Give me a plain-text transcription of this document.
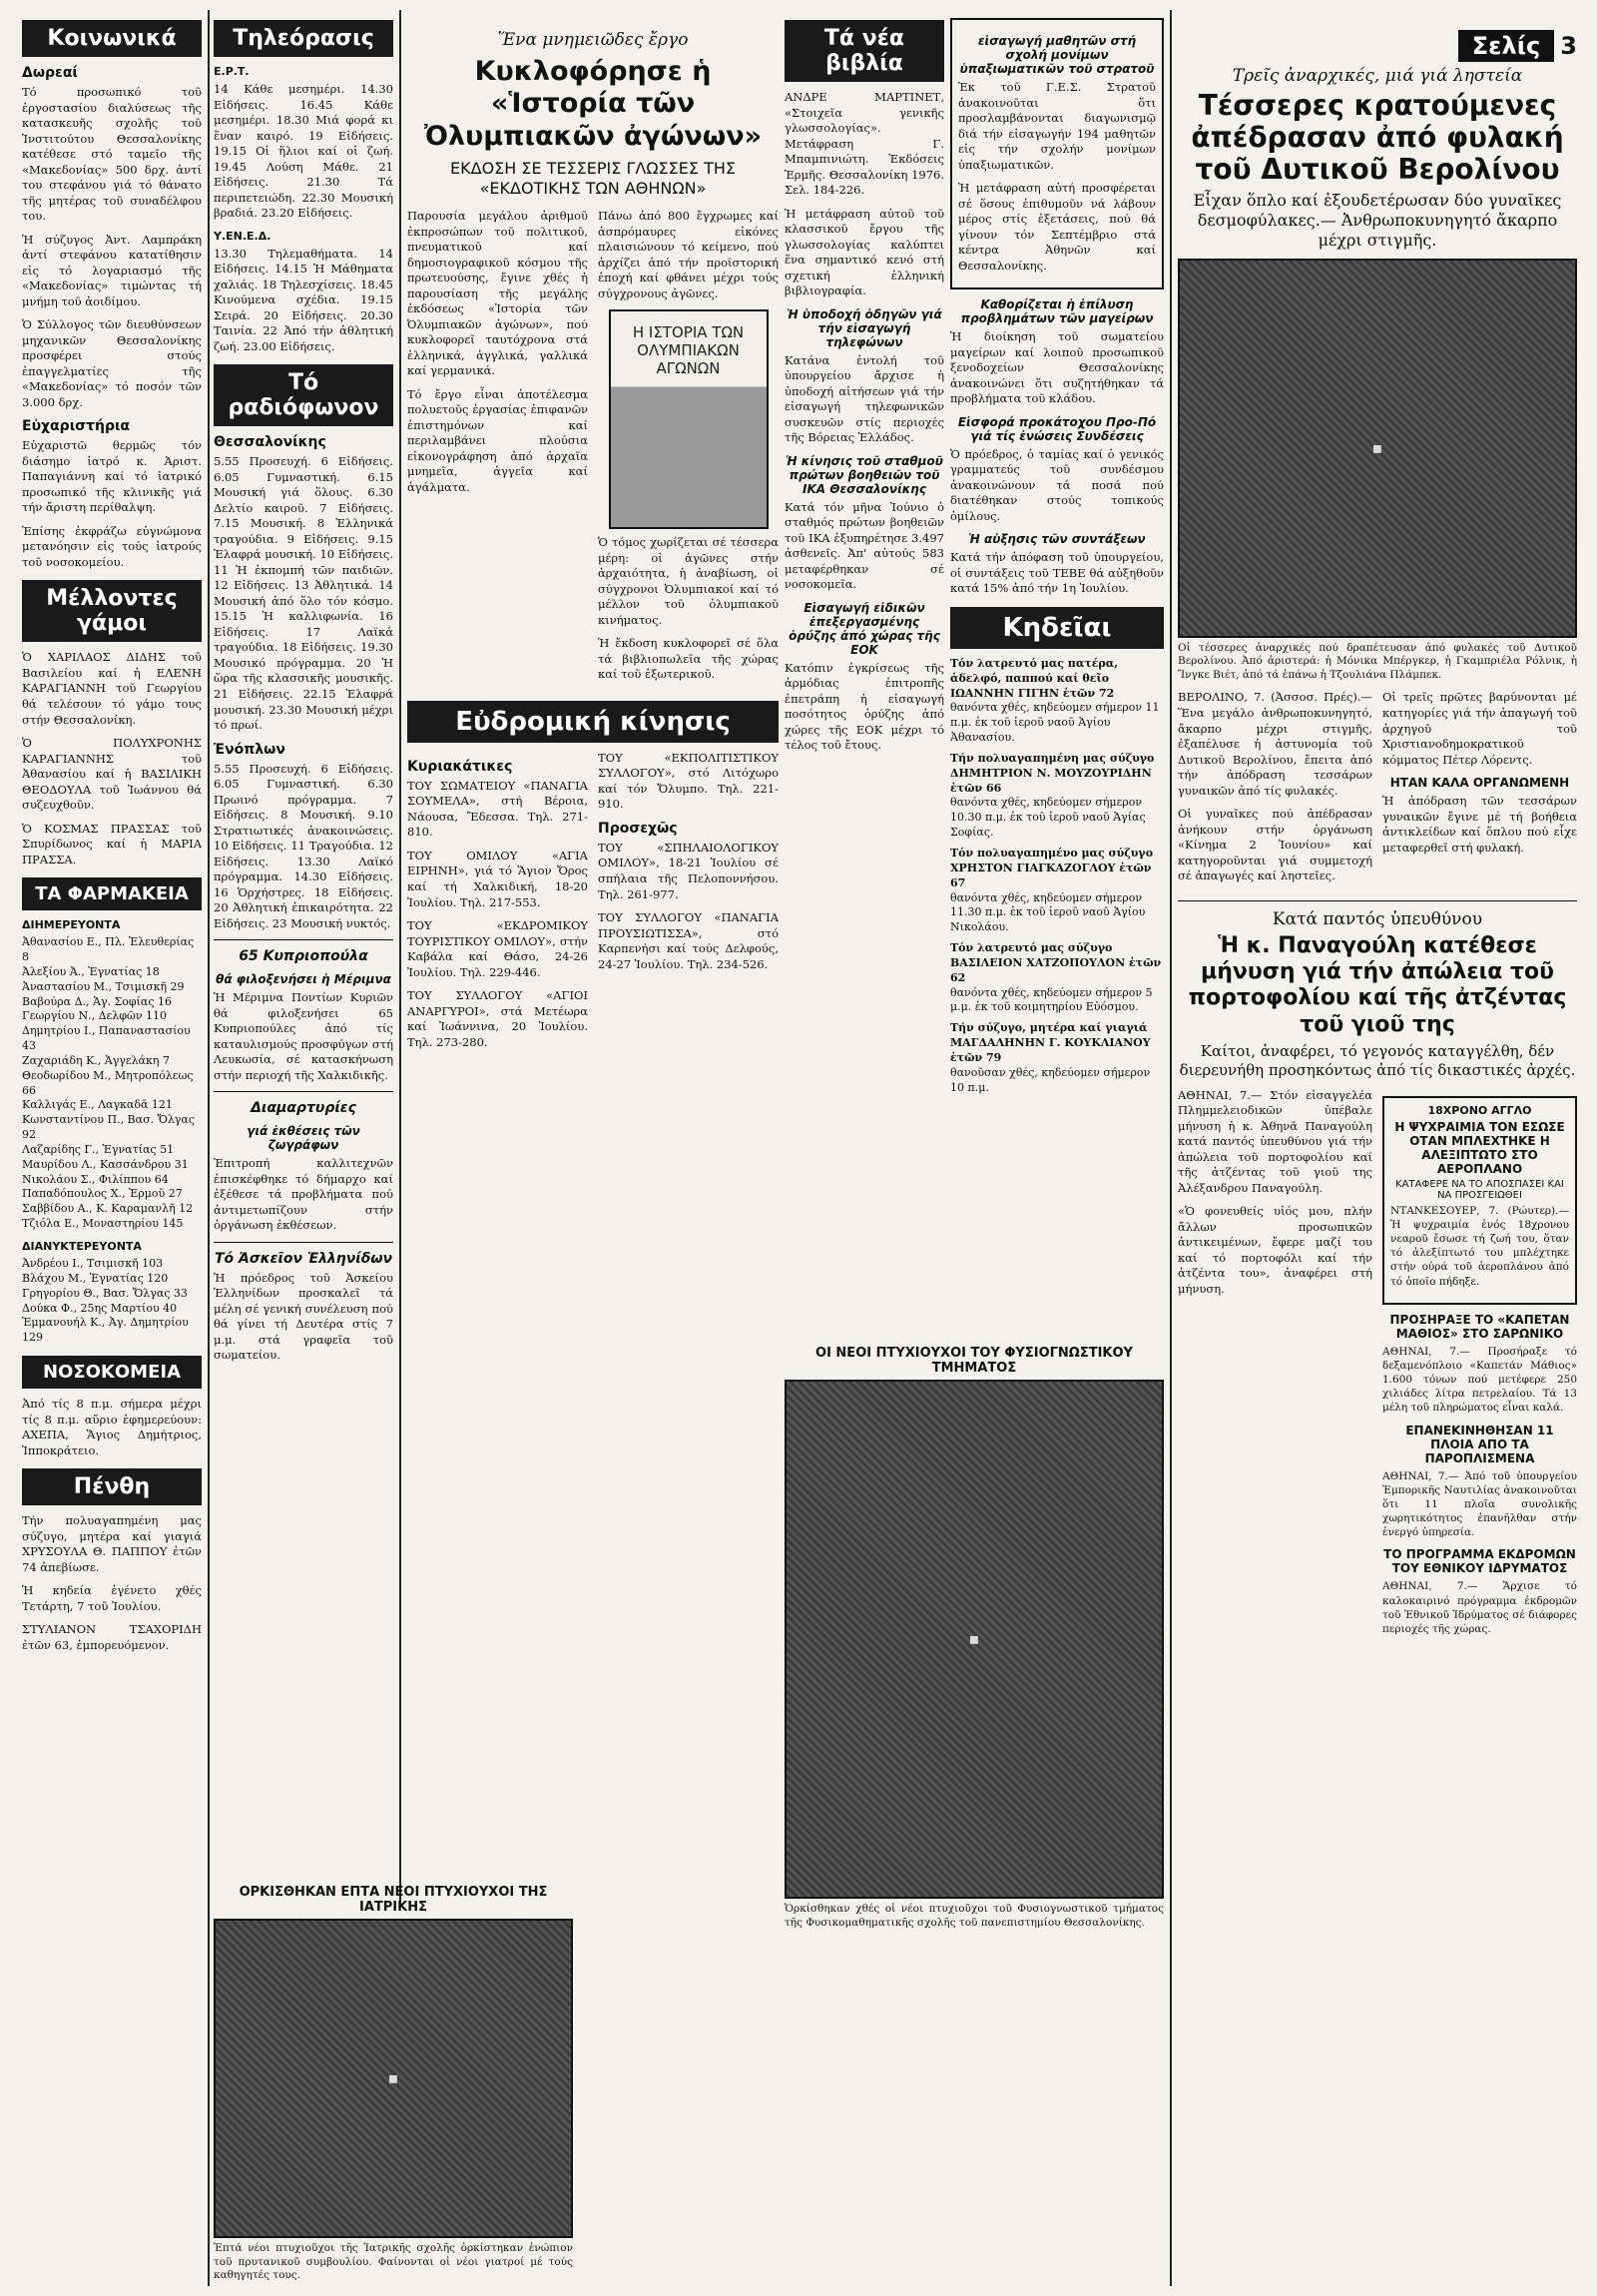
Κοινωνικά
Δωρεαί

Τό προσωπικό τοῦ ἐργοστασίου διαλύσεως τῆς κατασκευῆς σχολῆς τοῦ Ἰνστιτούτου Θεσσαλονίκης κατέθεσε στό ταμεῖο τῆς «Μακεδονίας» 500 δρχ. ἀντί του στεφάνου γιά τό θάνατο τῆς μητέρας τοῦ συναδέλφου του.

Ἡ σύζυγος Ἀντ. Λαμπράκη ἀντί στεφάνου κατατίθησιν εἰς τό λογαριασμό τῆς «Μακεδονίας» τιμώντας τή μνήμη τοῦ ἀοιδίμου.

Ὁ Σύλλογος τῶν διευθύνσεων μηχανικῶν Θεσσαλονίκης προσφέρει στούς ἐπαγγελματίες τῆς «Μακεδονίας» τό ποσόν τῶν 3.000 δρχ.

Εὐχαριστήρια

Εὐχαριστῶ θερμῶς τόν διάσημο ἰατρό κ. Ἀριστ. Παπαγιάννη καί τό ἰατρικό προσωπικό τῆς κλινικῆς γιά τήν ἄριστη περίθαλψη.

Ἐπίσης ἐκφράζω εὐγνώμονα μετανόησιν εἰς τούς ἰατρούς τοῦ νοσοκομείου.

Μέλλοντες γάμοι

Ὁ ΧΑΡΙΛΑΟΣ ΔΙΔΗΣ τοῦ Βασιλείου καί ἡ ΕΛΕΝΗ ΚΑΡΑΓΙΑΝΝΗ τοῦ Γεωργίου θά τελέσουν τό γάμο τους στήν Θεσσαλονίκη.

Ὁ ΠΟΛΥΧΡΟΝΗΣ ΚΑΡΑΓΙΑΝΝΗΣ τοῦ Ἀθανασίου καί ἡ ΒΑΣΙΛΙΚΗ ΘΕΟΔΟΥΛΑ τοῦ Ἰωάννου θά συζευχθοῦν.

Ὁ ΚΟΣΜΑΣ ΠΡΑΣΣΑΣ τοῦ Σπυρίδωνος καί ἡ ΜΑΡΙΑ ΠΡΑΣΣΑ.

ΤΑ ΦΑΡΜΑΚΕΙΑ
ΔΙΗΜΕΡΕΥΟΝΤΑ
Ἀθανασίου Ε., Πλ. Ἐλευθερίας 8
Ἀλεξίου Ἀ., Ἐγνατίας 18
Ἀναστασίου Μ., Τσιμισκῆ 29
Βαβούρα Δ., Ἁγ. Σοφίας 16
Γεωργίου Ν., Δελφῶν 110
Δημητρίου Ι., Παπαναστασίου 43
Ζαχαριάδη Κ., Ἀγγελάκη 7
Θεοδωρίδου Μ., Μητροπόλεως 66
Καλλιγάς Ε., Λαγκαδᾶ 121
Κωνσταντίνου Π., Βασ. Ὄλγας 92
Λαζαρίδης Γ., Ἐγνατίας 51
Μαυρίδου Λ., Κασσάνδρου 31
Νικολάου Σ., Φιλίππου 64
Παπαδόπουλος Χ., Ἑρμοῦ 27
Σαββίδου Α., Κ. Καραμανλῆ 12
Τζιόλα Ε., Μοναστηρίου 145
ΔΙΑΝΥΚΤΕΡΕΥΟΝΤΑ
Ἀνδρέου Ι., Τσιμισκῆ 103
Βλάχου Μ., Ἐγνατίας 120
Γρηγορίου Θ., Βασ. Ὄλγας 33
Δούκα Φ., 25ης Μαρτίου 40
Ἐμμανουήλ Κ., Ἀγ. Δημητρίου 129
ΝΟΣΟΚΟΜΕΙΑ

Ἀπό τίς 8 π.μ. σήμερα μέχρι τίς 8 π.μ. αὔριο ἐφημερεύουν: ΑΧΕΠΑ, Ἅγιος Δημήτριος, Ἱπποκράτειο.

Πένθη

Τήν πολυαγαπημένη μας σύζυγο, μητέρα καί γιαγιά ΧΡΥΣΟΥΛΑ Θ. ΠΑΠΠΟΥ ἐτῶν 74 ἀπεβίωσε.

Ἡ κηδεία ἐγένετο χθές Τετάρτη, 7 τοῦ Ἰουλίου.

ΣΤΥΛΙΑΝΟΝ ΤΣΑΧΟΡΙΔΗ ἐτῶν 63, ἐμπορευόμενον.

Τηλεόρασις
Ε.Ρ.Τ.

14 Κάθε μεσημέρι. 14.30 Εἰδήσεις. 16.45 Κάθε μεσημέρι. 18.30 Μιά φορά κι ἕναν καιρό. 19 Εἰδήσεις. 19.15 Οἱ ἥλιοι καί οἱ ζωή. 19.45 Λούση Μάθε. 21 Εἰδήσεις. 21.30 Τά περιπετειώδη. 22.30 Μουσική βραδιά. 23.20 Εἰδήσεις.

Υ.ΕΝ.Ε.Δ.

13.30 Τηλεμαθήματα. 14 Εἰδήσεις. 14.15 Ἡ Μάθηματα χαλιάς. 18 Τηλεσχίσεις. 18.45 Κινούμενα σχέδια. 19.15 Σειρά. 20 Εἰδήσεις. 20.30 Ταινία. 22 Ἀπό τήν ἀθλητική ζωή. 23.00 Εἰδήσεις.

Τό ραδιόφωνον
Θεσσαλονίκης

5.55 Προσευχή. 6 Εἰδήσεις. 6.05 Γυμναστική. 6.15 Μουσική γιά ὅλους. 6.30 Δελτίο καιροῦ. 7 Εἰδήσεις. 7.15 Μουσική. 8 Ἑλληνικά τραγούδια. 9 Εἰδήσεις. 9.15 Ἐλαφρά μουσική. 10 Εἰδήσεις. 11 Ἡ ἐκπομπή τῶν παιδιῶν. 12 Εἰδήσεις. 13 Ἀθλητικά. 14 Μουσική ἀπό ὅλο τόν κόσμο. 15.15 Ἡ καλλιφωνία. 16 Εἰδήσεις. 17 Λαϊκά τραγούδια. 18 Εἰδήσεις. 19.30 Μουσικό πρόγραμμα. 20 Ἡ ὥρα τῆς κλασσικῆς μουσικῆς. 21 Εἰδήσεις. 22.15 Ἐλαφρά μουσική. 23.30 Μουσική μέχρι τό πρωί.

Ἐνόπλων

5.55 Προσευχή. 6 Εἰδήσεις. 6.05 Γυμναστική. 6.30 Πρωινό πρόγραμμα. 7 Εἰδήσεις. 8 Μουσική. 9.10 Στρατιωτικές ἀνακοινώσεις. 10 Εἰδήσεις. 11 Τραγούδια. 12 Εἰδήσεις. 13.30 Λαϊκό πρόγραμμα. 14.30 Εἰδήσεις. 16 Ὁρχήστρες. 18 Εἰδήσεις. 20 Ἀθλητική ἐπικαιρότητα. 22 Εἰδήσεις. 23 Μουσική νυκτός.

65 Κυπριοπούλα
θά φιλοξενήσει ἡ Μέριμνα

Ἡ Μέριμνα Ποντίων Κυριῶν θά φιλοξενήσει 65 Κυπριοπούλες ἀπό τίς καταυλισμούς προσφύγων στή Λευκωσία, σέ κατασκήνωση στήν περιοχή τῆς Χαλκιδικῆς.

Διαμαρτυρίες
γιά ἐκθέσεις τῶν ζωγράφων

Ἐπιτροπή καλλιτεχνῶν ἐπισκέφθηκε τό δήμαρχο καί ἐξέθεσε τά προβλήματα πού ἀντιμετωπίζουν στήν ὀργάνωση ἐκθέσεων.

Τό Ἀσκεῖον Ἑλληνίδων

Ἡ πρόεδρος τοῦ Ἀσκείου Ἑλληνίδων προσκαλεῖ τά μέλη σέ γενική συνέλευση πού θά γίνει τή Δευτέρα στίς 7 μ.μ. στά γραφεῖα τοῦ σωματείου.

ΟΡΚΙΣΘΗΚΑΝ ΕΠΤΑ ΝΕΟΙ ΠΤΥΧΙΟΥΧΟΙ ΤΗΣ ΙΑΤΡΙΚΗΣ
◼

Ἑπτά νέοι πτυχιοῦχοι τῆς Ἰατρικῆς σχολῆς ὁρκίστηκαν ἐνώπιον τοῦ πρυτανικοῦ συμβουλίου. Φαίνονται οἱ νέοι γιατροί μέ τούς καθηγητές τους.

Ἕνα μνημειῶδες ἔργο
Κυκλοφόρησε ἡ «Ἱστορία τῶν Ὀλυμπιακῶν ἀγώνων»
ΕΚΔΟΣΗ ΣΕ ΤΕΣΣΕΡΙΣ ΓΛΩΣΣΕΣ ΤΗΣ «ΕΚΔΟΤΙΚΗΣ ΤΩΝ ΑΘΗΝΩΝ»

Παρουσία μεγάλου ἀριθμοῦ ἐκπροσώπων τοῦ πολιτικοῦ, πνευματικοῦ καί δημοσιογραφικοῦ κόσμου τῆς πρωτευούσης, ἔγινε χθές ἡ παρουσίαση τῆς μεγάλης ἐκδόσεως «Ἱστορία τῶν Ὀλυμπιακῶν ἀγώνων», πού κυκλοφορεῖ ταυτόχρονα στά ἑλληνικά, ἀγγλικά, γαλλικά καί γερμανικά.

Τό ἔργο εἶναι ἀποτέλεσμα πολυετοῦς ἐργασίας ἐπιφανῶν ἐπιστημόνων καί περιλαμβάνει πλούσια εἰκονογράφηση ἀπό ἀρχαῖα μνημεῖα, ἀγγεῖα καί ἀγάλματα.

Πάνω ἀπό 800 ἔγχρωμες καί ἀσπρόμαυρες εἰκόνες πλαισιώνουν τό κείμενο, πού ἀρχίζει ἀπό τήν προϊστορική ἐποχή καί φθάνει μέχρι τούς σύγχρονους ἀγῶνες.

Η ΙΣΤΟΡΙΑ ΤΩΝ ΟΛΥΜΠΙΑΚΩΝ ΑΓΩΝΩΝ

Ὁ τόμος χωρίζεται σέ τέσσερα μέρη: οἱ ἀγῶνες στήν ἀρχαιότητα, ἡ ἀναβίωση, οἱ σύγχρονοι Ὀλυμπιακοί καί τό μέλλον τοῦ ὀλυμπιακοῦ κινήματος.

Ἡ ἔκδοση κυκλοφορεῖ σέ ὅλα τά βιβλιοπωλεῖα τῆς χώρας καί τοῦ ἐξωτερικοῦ.

Εὐδρομική κίνησις
Κυριακάτικες

ΤΟΥ ΣΩΜΑΤΕΙΟΥ «ΠΑΝΑΓΙΑ ΣΟΥΜΕΛΑ», στή Βέροια, Νάουσα, Ἔδεσσα. Τηλ. 271-810.

ΤΟΥ ΟΜΙΛΟΥ «ΑΓΙΑ ΕΙΡΗΝΗ», γιά τό Ἅγιον Ὄρος καί τή Χαλκιδική, 18-20 Ἰουλίου. Τηλ. 217-553.

ΤΟΥ «ΕΚΔΡΟΜΙΚΟΥ ΤΟΥΡΙΣΤΙΚΟΥ ΟΜΙΛΟΥ», στήν Καβάλα καί Θάσο, 24-26 Ἰουλίου. Τηλ. 229-446.

ΤΟΥ ΣΥΛΛΟΓΟΥ «ΑΓΙΟΙ ΑΝΑΡΓΥΡΟΙ», στά Μετέωρα καί Ἰωάννινα, 20 Ἰουλίου. Τηλ. 273-280.

ΤΟΥ «ΕΚΠΟΛΙΤΙΣΤΙΚΟΥ ΣΥΛΛΟΓΟΥ», στό Λιτόχωρο καί τόν Ὄλυμπο. Τηλ. 221-910.

Προσεχῶς

ΤΟΥ «ΣΠΗΛΑΙΟΛΟΓΙΚΟΥ ΟΜΙΛΟΥ», 18-21 Ἰουλίου σέ σπήλαια τῆς Πελοποννήσου. Τηλ. 261-977.

ΤΟΥ ΣΥΛΛΟΓΟΥ «ΠΑΝΑΓΙΑ ΠΡΟΥΣΙΩΤΙΣΣΑ», στό Καρπενήσι καί τούς Δελφούς, 24-27 Ἰουλίου. Τηλ. 234-526.

Τά νέα βιβλία

ΑΝΔΡΕ ΜΑΡΤΙΝΕΤ, «Στοιχεῖα γενικῆς γλωσσολογίας». Μετάφραση Γ. Μπαμπινιώτη. Ἐκδόσεις Ἐρμῆς. Θεσσαλονίκη 1976. Σελ. 184-226.

Ἡ μετάφραση αὐτοῦ τοῦ κλασσικοῦ ἔργου τῆς γλωσσολογίας καλύπτει ἕνα σημαντικό κενό στή σχετική ἑλληνική βιβλιογραφία.

Ἡ ὑποδοχή ὁδηγῶν γιά τήν εἰσαγωγή τηλεφώνων

Κατάνα ἐντολή τοῦ ὑπουργείου ἄρχισε ἡ ὑποδοχή αἰτήσεων γιά τήν εἰσαγωγή τηλεφωνικῶν συσκευῶν στίς περιοχές τῆς Βόρειας Ἑλλάδος.

Ἡ κίνησις τοῦ σταθμοῦ πρώτων βοηθειῶν τοῦ ΙΚΑ Θεσσαλονίκης

Κατά τόν μῆνα Ἰούνιο ὁ σταθμός πρώτων βοηθειῶν τοῦ ΙΚΑ ἐξυπηρέτησε 3.497 ἀσθενεῖς. Ἀπ' αὐτούς 583 μεταφέρθηκαν σέ νοσοκομεῖα.

Εἰσαγωγή εἰδικῶν ἐπεξεργασμένης ὀρύζης ἀπό χώρας τῆς ΕΟΚ

Κατόπιν ἐγκρίσεως τῆς ἁρμόδιας ἐπιτροπῆς ἐπετράπη ἡ εἰσαγωγή ποσότητος ὀρύζης ἀπό χώρες τῆς ΕΟΚ μέχρι τό τέλος τοῦ ἔτους.

ΟΙ ΝΕΟΙ ΠΤΥΧΙΟΥΧΟΙ ΤΟΥ ΦΥΣΙΟΓΝΩΣΤΙΚΟΥ ΤΜΗΜΑΤΟΣ
◼

Ὁρκίσθηκαν χθές οἱ νέοι πτυχιοῦχοι τοῦ Φυσιογνωστικοῦ τμήματος τῆς Φυσικομαθηματικῆς σχολῆς τοῦ πανεπιστημίου Θεσσαλονίκης.

εἰσαγωγή μαθητῶν στή σχολή μονίμων ὑπαξιωματικῶν τοῦ στρατοῦ

Ἐκ τοῦ Γ.Ε.Σ. Στρατοῦ ἀνακοινοῦται ὅτι προσλαμβάνονται διαγωνισμῷ διά τήν εἰσαγωγήν 194 μαθητῶν εἰς τήν σχολήν μονίμων ὑπαξιωματικῶν.

Ἡ μετάφραση αὐτή προσφέρεται σέ ὅσους ἐπιθυμοῦν νά λάβουν μέρος στίς ἐξετάσεις, πού θά γίνουν τόν Σεπτέμβριο στά κέντρα Ἀθηνῶν καί Θεσσαλονίκης.

Καθορίζεται ἡ ἐπίλυση προβλημάτων τῶν μαγείρων

Ἡ διοίκηση τοῦ σωματείου μαγείρων καί λοιποῦ προσωπικοῦ ξενοδοχείων Θεσσαλονίκης ἀνακοινώνει ὅτι συζητήθηκαν τά προβλήματα τοῦ κλάδου.

Εἰσφορά προκάτοχου Προ-Πό γιά τίς ἐνώσεις Συνδέσεις

Ὁ πρόεδρος, ὁ ταμίας καί ὁ γενικός γραμματεύς τοῦ συνδέσμου ἀνακοινώνουν τά ποσά πού διατέθηκαν στούς τοπικούς ὁμίλους.

Ἡ αὐξησις τῶν συντάξεων

Κατά τήν ἀπόφαση τοῦ ὑπουργείου, οἱ συντάξεις τοῦ ΤΕΒΕ θά αὐξηθοῦν κατά 15% ἀπό τήν 1η Ἰουλίου.

Κηδεῖαι
Τόν λατρευτό μας πατέρα, ἀδελφό, παππού καί θεῖο ΙΩΑΝΝΗΝ ΓΙΓΗΝ ἐτῶν 72
θανόντα χθές, κηδεύομεν σήμερον 11 π.μ. ἐκ τοῦ ἱεροῦ ναοῦ Ἁγίου Ἀθανασίου.
Τήν πολυαγαπημένη μας σύζυγο ΔΗΜΗΤΡΙΟΝ Ν. ΜΟΥΖΟΥΡΙΔΗΝ ἐτῶν 66
θανόντα χθές, κηδεύομεν σήμερον 10.30 π.μ. ἐκ τοῦ ἱεροῦ ναοῦ Ἁγίας Σοφίας.
Τόν πολυαγαπημένο μας σύζυγο ΧΡΗΣΤΟΝ ΓΙΑΓΚΑΖΟΓΛΟΥ ἐτῶν 67
θανόντα χθές, κηδεύομεν σήμερον 11.30 π.μ. ἐκ τοῦ ἱεροῦ ναοῦ Ἁγίου Νικολάου.
Τόν λατρευτό μας σύζυγο ΒΑΣΙΛΕΙΟΝ ΧΑΤΖΟΠΟΥΛΟΝ ἐτῶν 62
θανόντα χθές, κηδεύομεν σήμερον 5 μ.μ. ἐκ τοῦ κοιμητηρίου Εὐόσμου.
Τήν σύζυγο, μητέρα καί γιαγιά ΜΑΓΔΑΛΗΝΗΝ Γ. ΚΟΥΚΛΙΑΝΟΥ ἐτῶν 79
θανοῦσαν χθές, κηδεύομεν σήμερον 10 π.μ.
Σελίς 3
Τρεῖς ἀναρχικές, μιά γιά ληστεία
Τέσσερες κρατούμενες ἀπέδρασαν ἀπό φυλακή τοῦ Δυτικοῦ Βερολίνου
Εἶχαν ὅπλο καί ἐξουδετέρωσαν δύο γυναῖκες δεσμοφύλακες.— Ἀνθρωποκυνηγητό ἄκαρπο μέχρι στιγμῆς.
◼

Οἱ τέσσερες ἀναρχικές πού δραπέτευσαν ἀπό φυλακές τοῦ Δυτικοῦ Βερολίνου. Ἀπό ἀριστερά: ἡ Μόνικα Μπέργκερ, ἡ Γκαμπριέλα Ρόλνικ, ἡ Ἴνγκε Βιέτ, ἀπό τά ἐπάνω ἡ Τζουλιάνα Πλάμπεκ.

ΒΕΡΟΛΙΝΟ, 7. (Ἀσσοσ. Πρές).— Ἕνα μεγάλο ἀνθρωποκυνηγητό, ἄκαρπο μέχρι στιγμῆς, ἐξαπέλυσε ἡ ἀστυνομία τοῦ Δυτικοῦ Βερολίνου, ἔπειτα ἀπό τήν ἀπόδραση τεσσάρων γυναικῶν ἀπό τίς φυλακές.

Οἱ γυναῖκες πού ἀπέδρασαν ἀνήκουν στήν ὀργάνωση «Κίνημα 2 Ἰουνίου» καί κατηγοροῦνται γιά συμμετοχή σέ ἀπαγωγές καί ληστεῖες.

Οἱ τρεῖς πρῶτες βαρύνονται μέ κατηγορίες γιά τήν ἀπαγωγή τοῦ ἀρχηγοῦ τοῦ Χριστιανοδημοκρατικοῦ κόμματος Πέτερ Λόρεντς.

ΗΤΑΝ ΚΑΛΑ ΟΡΓΑΝΩΜΕΝΗ

Ἡ ἀπόδραση τῶν τεσσάρων γυναικῶν ἔγινε μέ τή βοήθεια ἀντικλείδων καί ὅπλου πού εἶχε μεταφερθεῖ στή φυλακή.

Κατά παντός ὑπευθύνου
Ἡ κ. Παναγούλη κατέθεσε μήνυση γιά τήν ἀπώλεια τοῦ πορτοφολίου καί τῆς ἀτζέντας τοῦ γιοῦ της
Καίτοι, ἀναφέρει, τό γεγονός καταγγέλθη, δέν διερευνήθη προσηκόντως ἀπό τίς δικαστικές ἀρχές.

ΑΘΗΝΑΙ, 7.— Στόν εἰσαγγελέα Πλημμελειοδικῶν ὑπέβαλε μήνυση ἡ κ. Ἀθηνᾶ Παναγούλη κατά παντός ὑπευθύνου γιά τήν ἀπώλεια τοῦ πορτοφολίου καί τῆς ἀτζέντας τοῦ γιοῦ της Ἀλέξανδρου Παναγούλη.

«Ὁ φονευθείς υἱός μου, πλήν ἄλλων προσωπικῶν ἀντικειμένων, ἔφερε μαζί του καί τό πορτοφόλι καί τήν ἀτζέντα του», ἀναφέρει στή μήνυση.

18ΧΡΟΝΟ ΑΓΓΛΟ
Η ΨΥΧΡΑΙΜΙΑ ΤΟΝ ΕΣΩΣΕ ΟΤΑΝ ΜΠΛΕΧΤΗΚΕ Η ΑΛΕΞΙΠΤΩΤΟ ΣΤΟ ΑΕΡΟΠΛΑΝΟ
ΚΑΤΑΦΕΡΕ ΝΑ ΤΟ ΑΠΟΣΠΑΣΕΙ ΚΑΙ ΝΑ ΠΡΟΣΓΕΙΩΘΕΙ

ΝΤΑΝΚΕΣΟΥΕΡ, 7. (Ρώυτερ).— Ἡ ψυχραιμία ἑνός 18χρονου νεαροῦ ἔσωσε τή ζωή του, ὅταν τό ἀλεξίπτωτό του μπλέχτηκε στήν οὐρά τοῦ ἀεροπλάνου ἀπό τό ὁποῖο πήδηξε.

ΠΡΟΣΗΡΑΞΕ ΤΟ «ΚΑΠΕΤΑΝ ΜΑΘΙΟΣ» ΣΤΟ ΣΑΡΩΝΙΚΟ

ΑΘΗΝΑΙ, 7.— Προσήραξε τό δεξαμενόπλοιο «Καπετάν Μάθιος» 1.600 τόνων πού μετέφερε 250 χιλιάδες λίτρα πετρελαίου. Τά 13 μέλη τοῦ πληρώματος εἶναι καλά.

ΕΠΑΝΕΚΙΝΗΘΗΣΑΝ 11 ΠΛΟΙΑ ΑΠΟ ΤΑ ΠΑΡΟΠΛΙΣΜΕΝΑ

ΑΘΗΝΑΙ, 7.— Ἀπό τοῦ ὑπουργείου Ἐμπορικῆς Ναυτιλίας ἀνακοινοῦται ὅτι 11 πλοῖα συνολικῆς χωρητικότητος ἐπανῆλθαν στήν ἐνεργό ὑπηρεσία.

ΤΟ ΠΡΟΓΡΑΜΜΑ ΕΚΔΡΟΜΩΝ ΤΟΥ ΕΘΝΙΚΟΥ ΙΔΡΥΜΑΤΟΣ

ΑΘΗΝΑΙ, 7.— Ἄρχισε τό καλοκαιρινό πρόγραμμα ἐκδρομῶν τοῦ Ἐθνικοῦ Ἱδρύματος σέ διάφορες περιοχές τῆς χώρας.
